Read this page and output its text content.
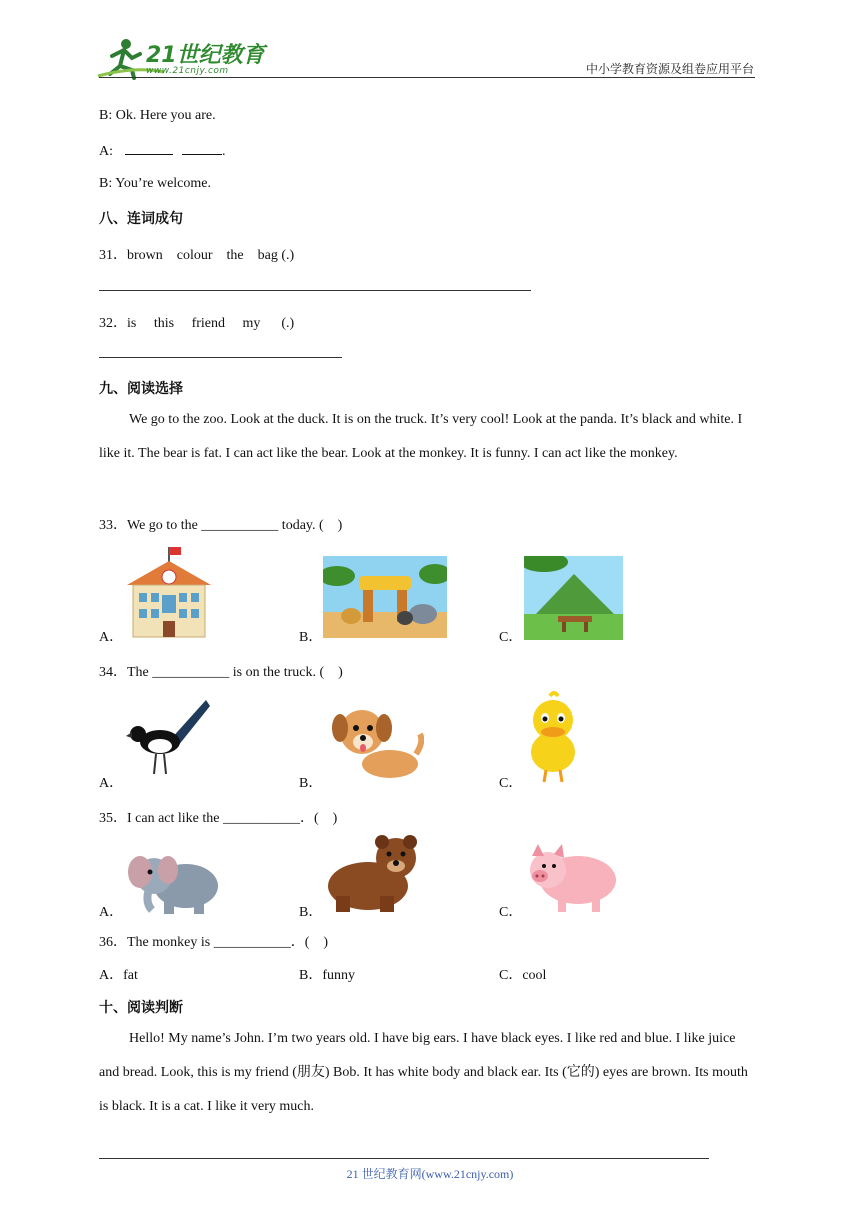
21世纪教育
www.21cnjy.com	中小学教育资源及组卷应用平台
B: Ok. Here you are.
A:	.
B: You’re welcome.
八、连词成句
31．brown    colour    the    bag (.)
32．is     this     friend     my      (.)
九、阅读选择
We go to the zoo. Look at the duck. It is on the truck. It’s very cool! Look at the panda. It’s black and white. I like it. The bear is fat. I can act like the bear. Look at the monkey. It is funny. I can act like the monkey.
33．We go to the ___________ today. (    )
A．	B．	C．
34．The ___________ is on the truck. (    )
A．	B．	C．
35．I can act like the ___________．(    )
A．	B．	C．
36．The monkey is ___________．(    )
A．fat	B．funny	C．cool
十、阅读判断
Hello! My name’s John. I’m two years old. I have big ears. I have black eyes. I like red and blue. I like juice and bread. Look, this is my friend (朋友) Bob. It has white body and black ear. Its (它的) eyes are brown. Its mouth is black. It is a cat. I like it very much.
21 世纪教育网(www.21cnjy.com)
